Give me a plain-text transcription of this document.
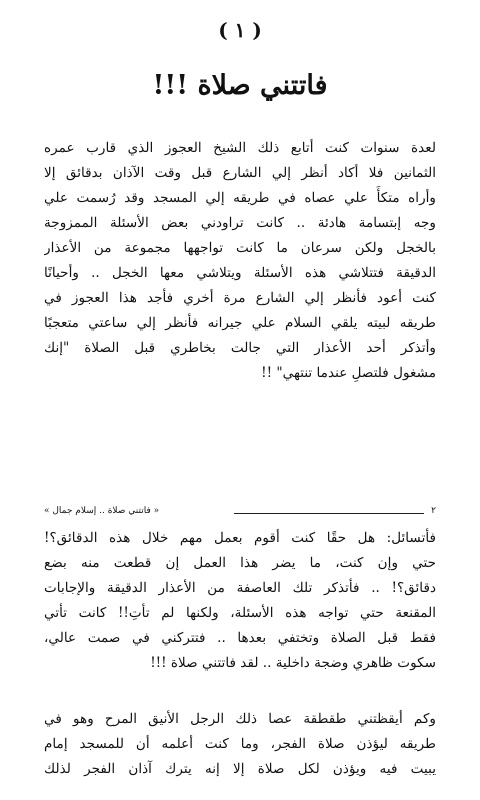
( ١ )
فاتتني صلاة !!!
لعدة سنوات كنت أتابع ذلك الشيخ العجوز الذي قارب عمره
الثمانين فلا أكاد أنظر إلي الشارع قبل وقت الآذان بدقائق إلا
وأراه متكأً علي عصاه في طريقه إلي المسجد وقد رُسمت علي
وجه إبتسامة هادئة .. كانت تراودني بعض الأسئلة الممزوجة
بالخجل ولكن سرعان ما كانت تواجهها مجموعة من الأعذار
الدقيقة فتتلاشي هذه الأسئلة ويتلاشي معها الخجل .. وأحيانًا
كنت أعود فأنظر إلي الشارع مرة أخري فأجد هذا العجوز في
طريقه لبيته يلقي السلام علي جيرانه فأنظر إلي ساعتي متعجبًا
وأتذكر أحد الأعذار التي جالت بخاطري قبل الصلاة "إنك
مشغول فلتصلِ عندما تنتهي" !!
٢
« فاتتني صلاة .. إسلام جمال »
فأتسائل: هل حقًا كنت أقوم بعمل مهم خلال هذه الدقائق؟!
حتي وإن كنت، ما يضر هذا العمل إن قطعت منه بضع
دقائق؟! .. فأتذكر تلك العاصفة من الأعذار الدقيقة والإجابات
المقنعة حتي تواجه هذه الأسئلة، ولكنها لم تأتِ!! كانت تأتي
فقط قبل الصلاة وتختفي بعدها .. فتتركني في صمت عالي،
سكوت ظاهري وضجة داخلية .. لقد فاتتني صلاة !!!
وكم أيقظتني طقطقة عصا ذلك الرجل الأنيق المرح وهو في
طريقه ليؤذن صلاة الفجر، وما كنت أعلمه أن للمسجد إمام
يبيت فيه ويؤذن لكل صلاة إلا إنه يترك آذان الفجر لذلك
